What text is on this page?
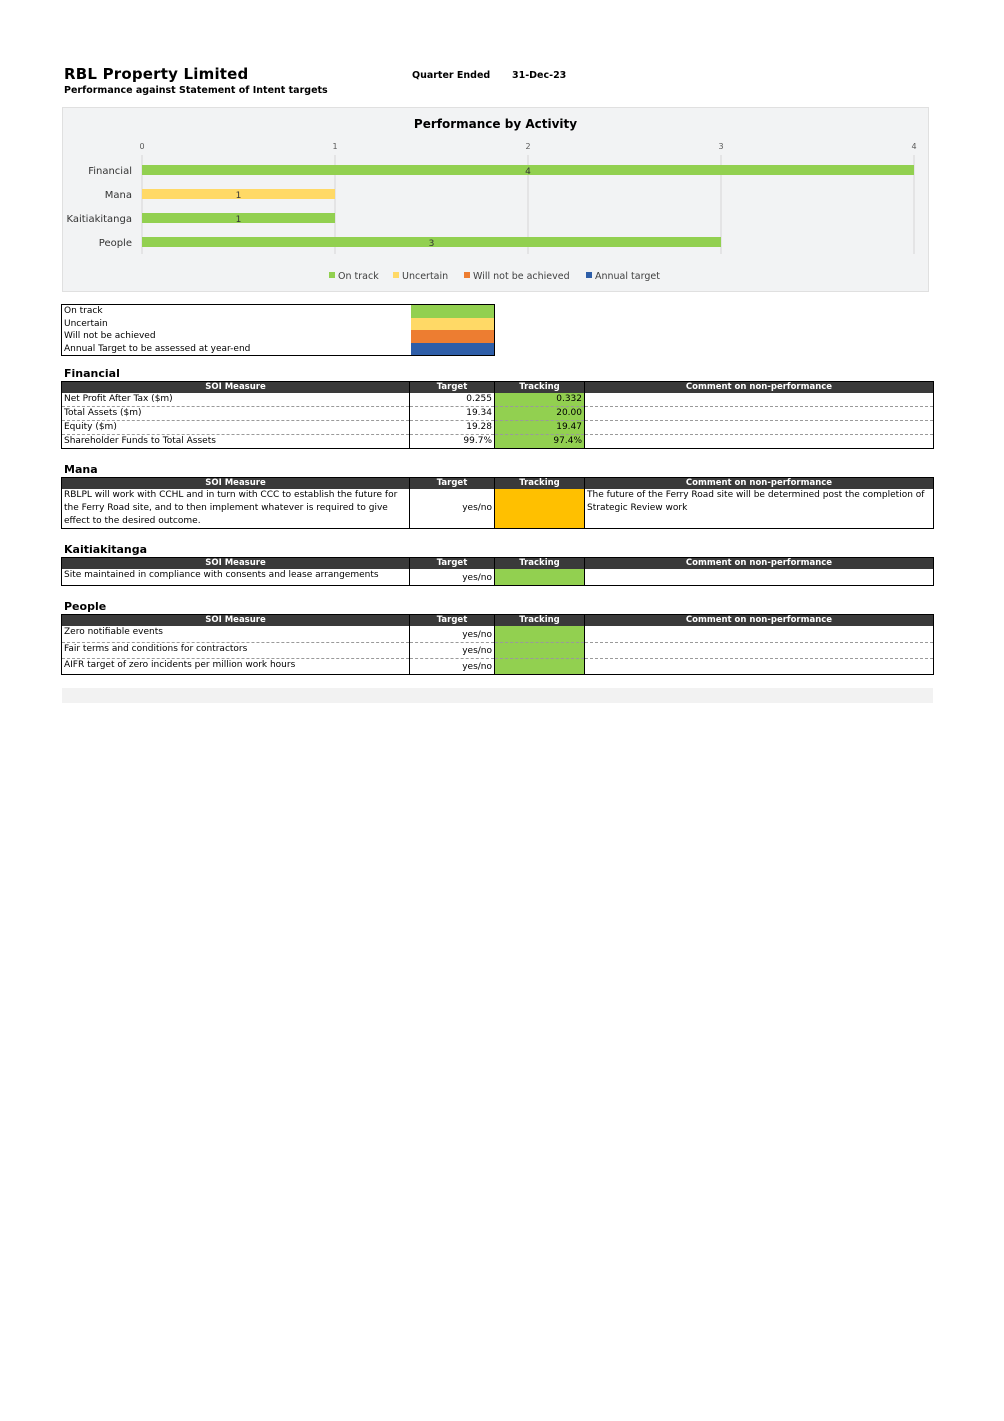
RBL Property Limited
Performance against Statement of Intent targets
Quarter Ended 31-Dec-23
Performance by Activity
0	1	2	3	4
Financial
Mana
Kaitiakitanga
People
4
1
1
3
On track Uncertain	Will not be achieved	Annual target
On track
Uncertain
Will not be achieved
Annual Target to be assessed at year-end
Financial
SOI Measure	Target	Tracking	Comment on non-performance
Net Profit After Tax ($m)	0.255	0.332	
Total Assets ($m)	19.34	20.00	
Equity ($m)	19.28	19.47	
Shareholder Funds to Total Assets	99.7%	97.4%	
Mana
SOI Measure	Target	Tracking	Comment on non-performance
RBLPL will work with CCHL and in turn with CCC to establish the future for the Ferry Road site, and to then implement whatever is required to give effect to the desired outcome.	yes/no		The future of the Ferry Road site will be determined post the completion of Strategic Review work
Kaitiakitanga
SOI Measure	Target	Tracking	Comment on non-performance
Site maintained in compliance with consents and lease arrangements	yes/no		
People
SOI Measure	Target	Tracking	Comment on non-performance
Zero notifiable events	yes/no		
Fair terms and conditions for contractors	yes/no		
AIFR target of zero incidents per million work hours	yes/no		
